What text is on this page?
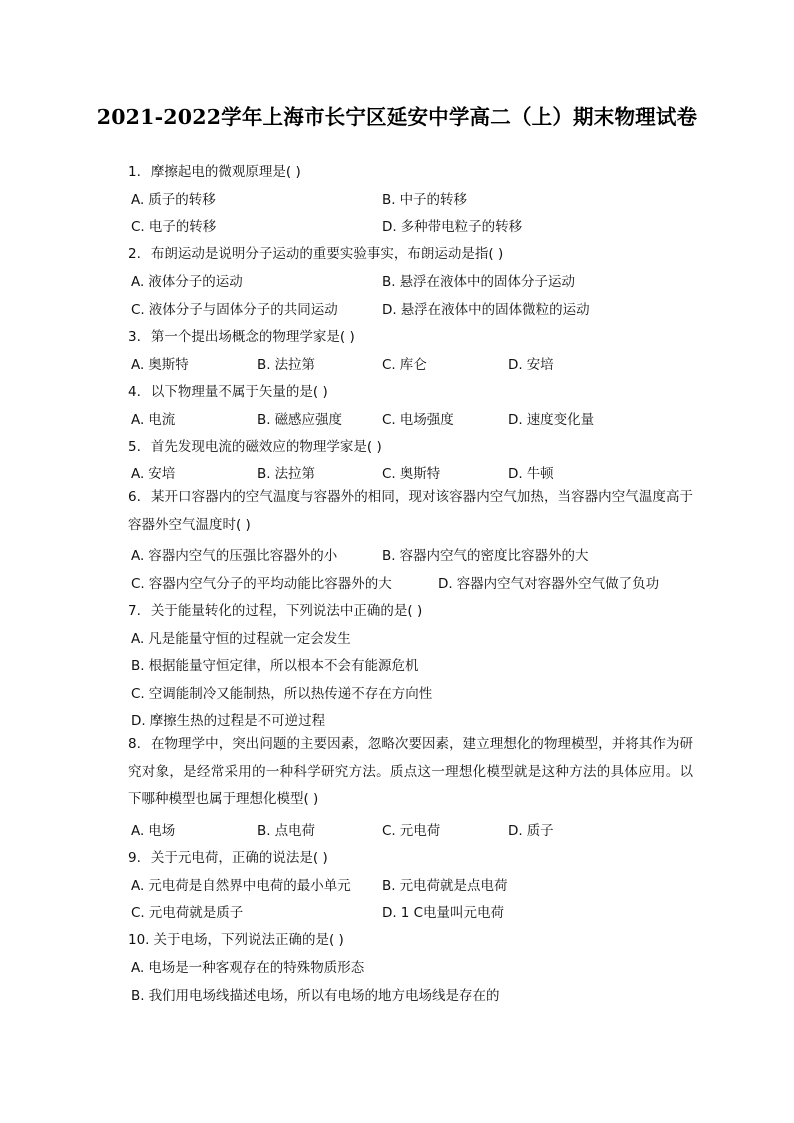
2021-2022学年上海市长宁区延安中学高二（上）期末物理试卷
1. 摩擦起电的微观原理是( )
A. 质子的转移	B. 中子的转移
C. 电子的转移	D. 多种带电粒子的转移
2. 布朗运动是说明分子运动的重要实验事实，布朗运动是指( )
A. 液体分子的运动	B. 悬浮在液体中的固体分子运动
C. 液体分子与固体分子的共同运动	D. 悬浮在液体中的固体微粒的运动
3. 第一个提出场概念的物理学家是( )
A. 奥斯特	B. 法拉第	C. 库仑	D. 安培
4. 以下物理量不属于矢量的是( )
A. 电流	B. 磁感应强度	C. 电场强度	D. 速度变化量
5. 首先发现电流的磁效应的物理学家是( )
A. 安培	B. 法拉第	C. 奥斯特	D. 牛顿
6. 某开口容器内的空气温度与容器外的相同，现对该容器内空气加热，当容器内空气温度高于容器外空气温度时( )
A. 容器内空气的压强比容器外的小	B. 容器内空气的密度比容器外的大
C. 容器内空气分子的平均动能比容器外的大	D. 容器内空气对容器外空气做了负功
7. 关于能量转化的过程，下列说法中正确的是( )
A. 凡是能量守恒的过程就一定会发生
B. 根据能量守恒定律，所以根本不会有能源危机
C. 空调能制冷又能制热，所以热传递不存在方向性
D. 摩擦生热的过程是不可逆过程
8. 在物理学中，突出问题的主要因素，忽略次要因素，建立理想化的物理模型，并将其作为研究对象，是经常采用的一种科学研究方法。质点这一理想化模型就是这种方法的具体应用。以下哪种模型也属于理想化模型( )
A. 电场	B. 点电荷	C. 元电荷	D. 质子
9. 关于元电荷，正确的说法是( )
A. 元电荷是自然界中电荷的最小单元 B. 元电荷就是点电荷
C. 元电荷就是质子	D. 1 C电量叫元电荷
10. 关于电场，下列说法正确的是( )
A. 电场是一种客观存在的特殊物质形态
B. 我们用电场线描述电场，所以有电场的地方电场线是存在的
